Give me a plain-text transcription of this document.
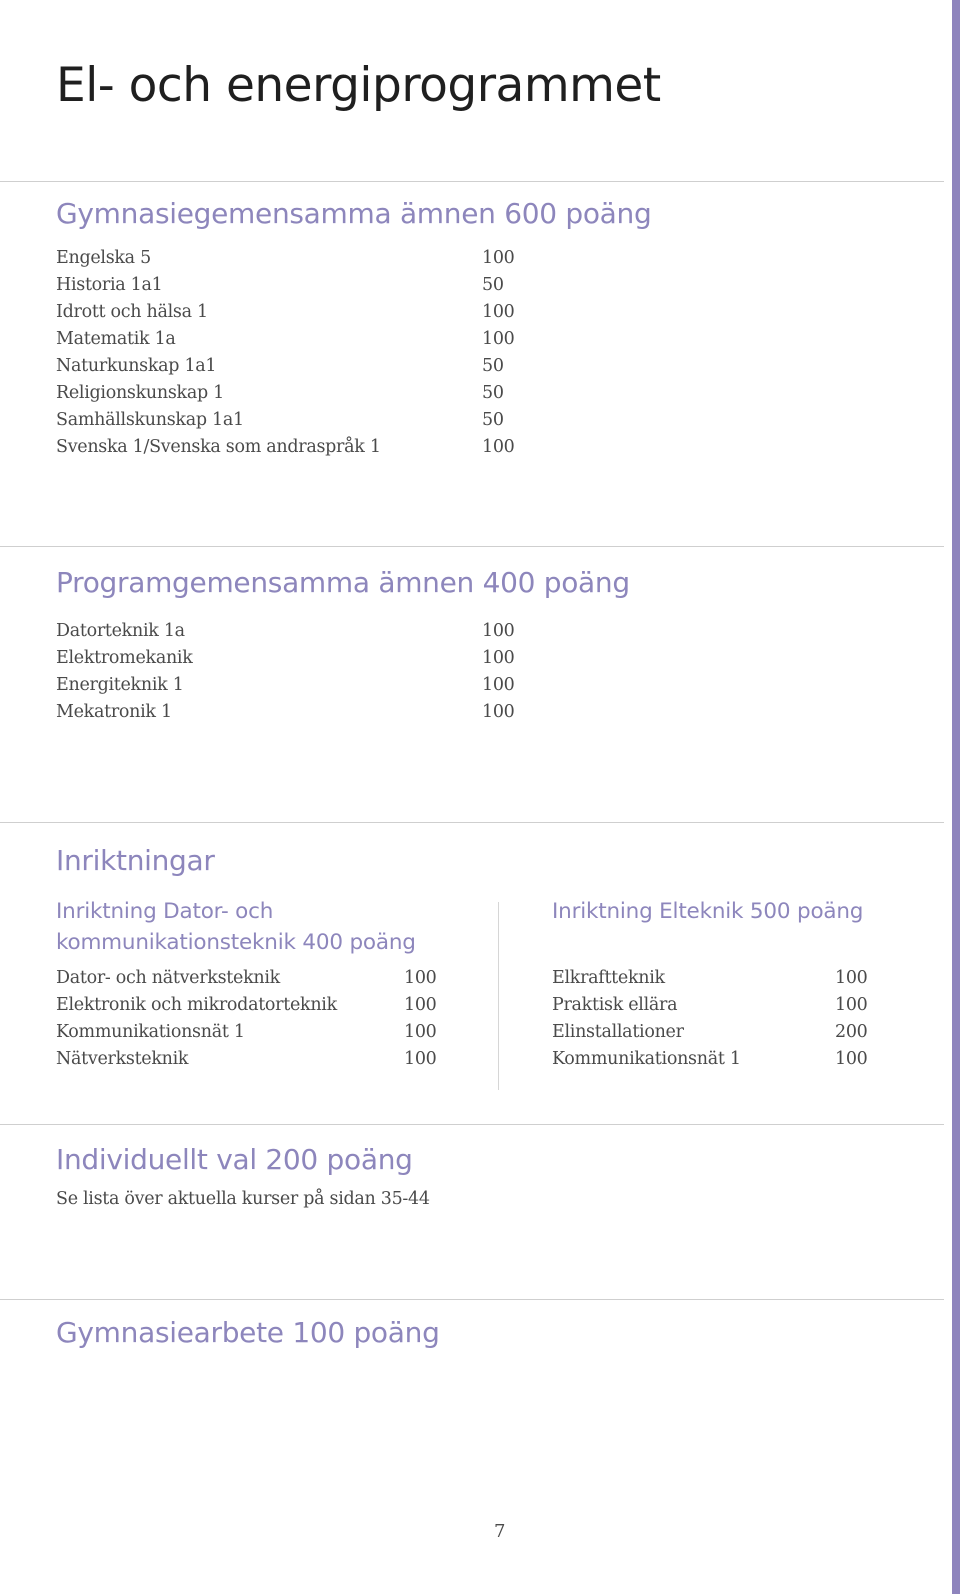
El- och energiprogrammet
Gymnasiegemensamma ämnen 600 poäng
Engelska 5	100
Historia 1a1	50
Idrott och hälsa 1	100
Matematik 1a	100
Naturkunskap 1a1	50
Religionskunskap 1	50
Samhällskunskap 1a1	50
Svenska 1/Svenska som andraspråk 1	100
Programgemensamma ämnen 400 poäng
Datorteknik 1a	100
Elektromekanik	100
Energiteknik 1	100
Mekatronik 1	100
Inriktningar
Inriktning Dator- och
kommunikationsteknik 400 poäng
Dator- och nätverksteknik	100
Elektronik och mikrodatorteknik	100
Kommunikationsnät 1	100
Nätverksteknik	100
Inriktning Elteknik 500 poäng
Elkraftteknik	100
Praktisk ellära	100
Elinstallationer	200
Kommunikationsnät 1	100
Individuellt val 200 poäng
Se lista över aktuella kurser på sidan 35-44
Gymnasiearbete 100 poäng
7
